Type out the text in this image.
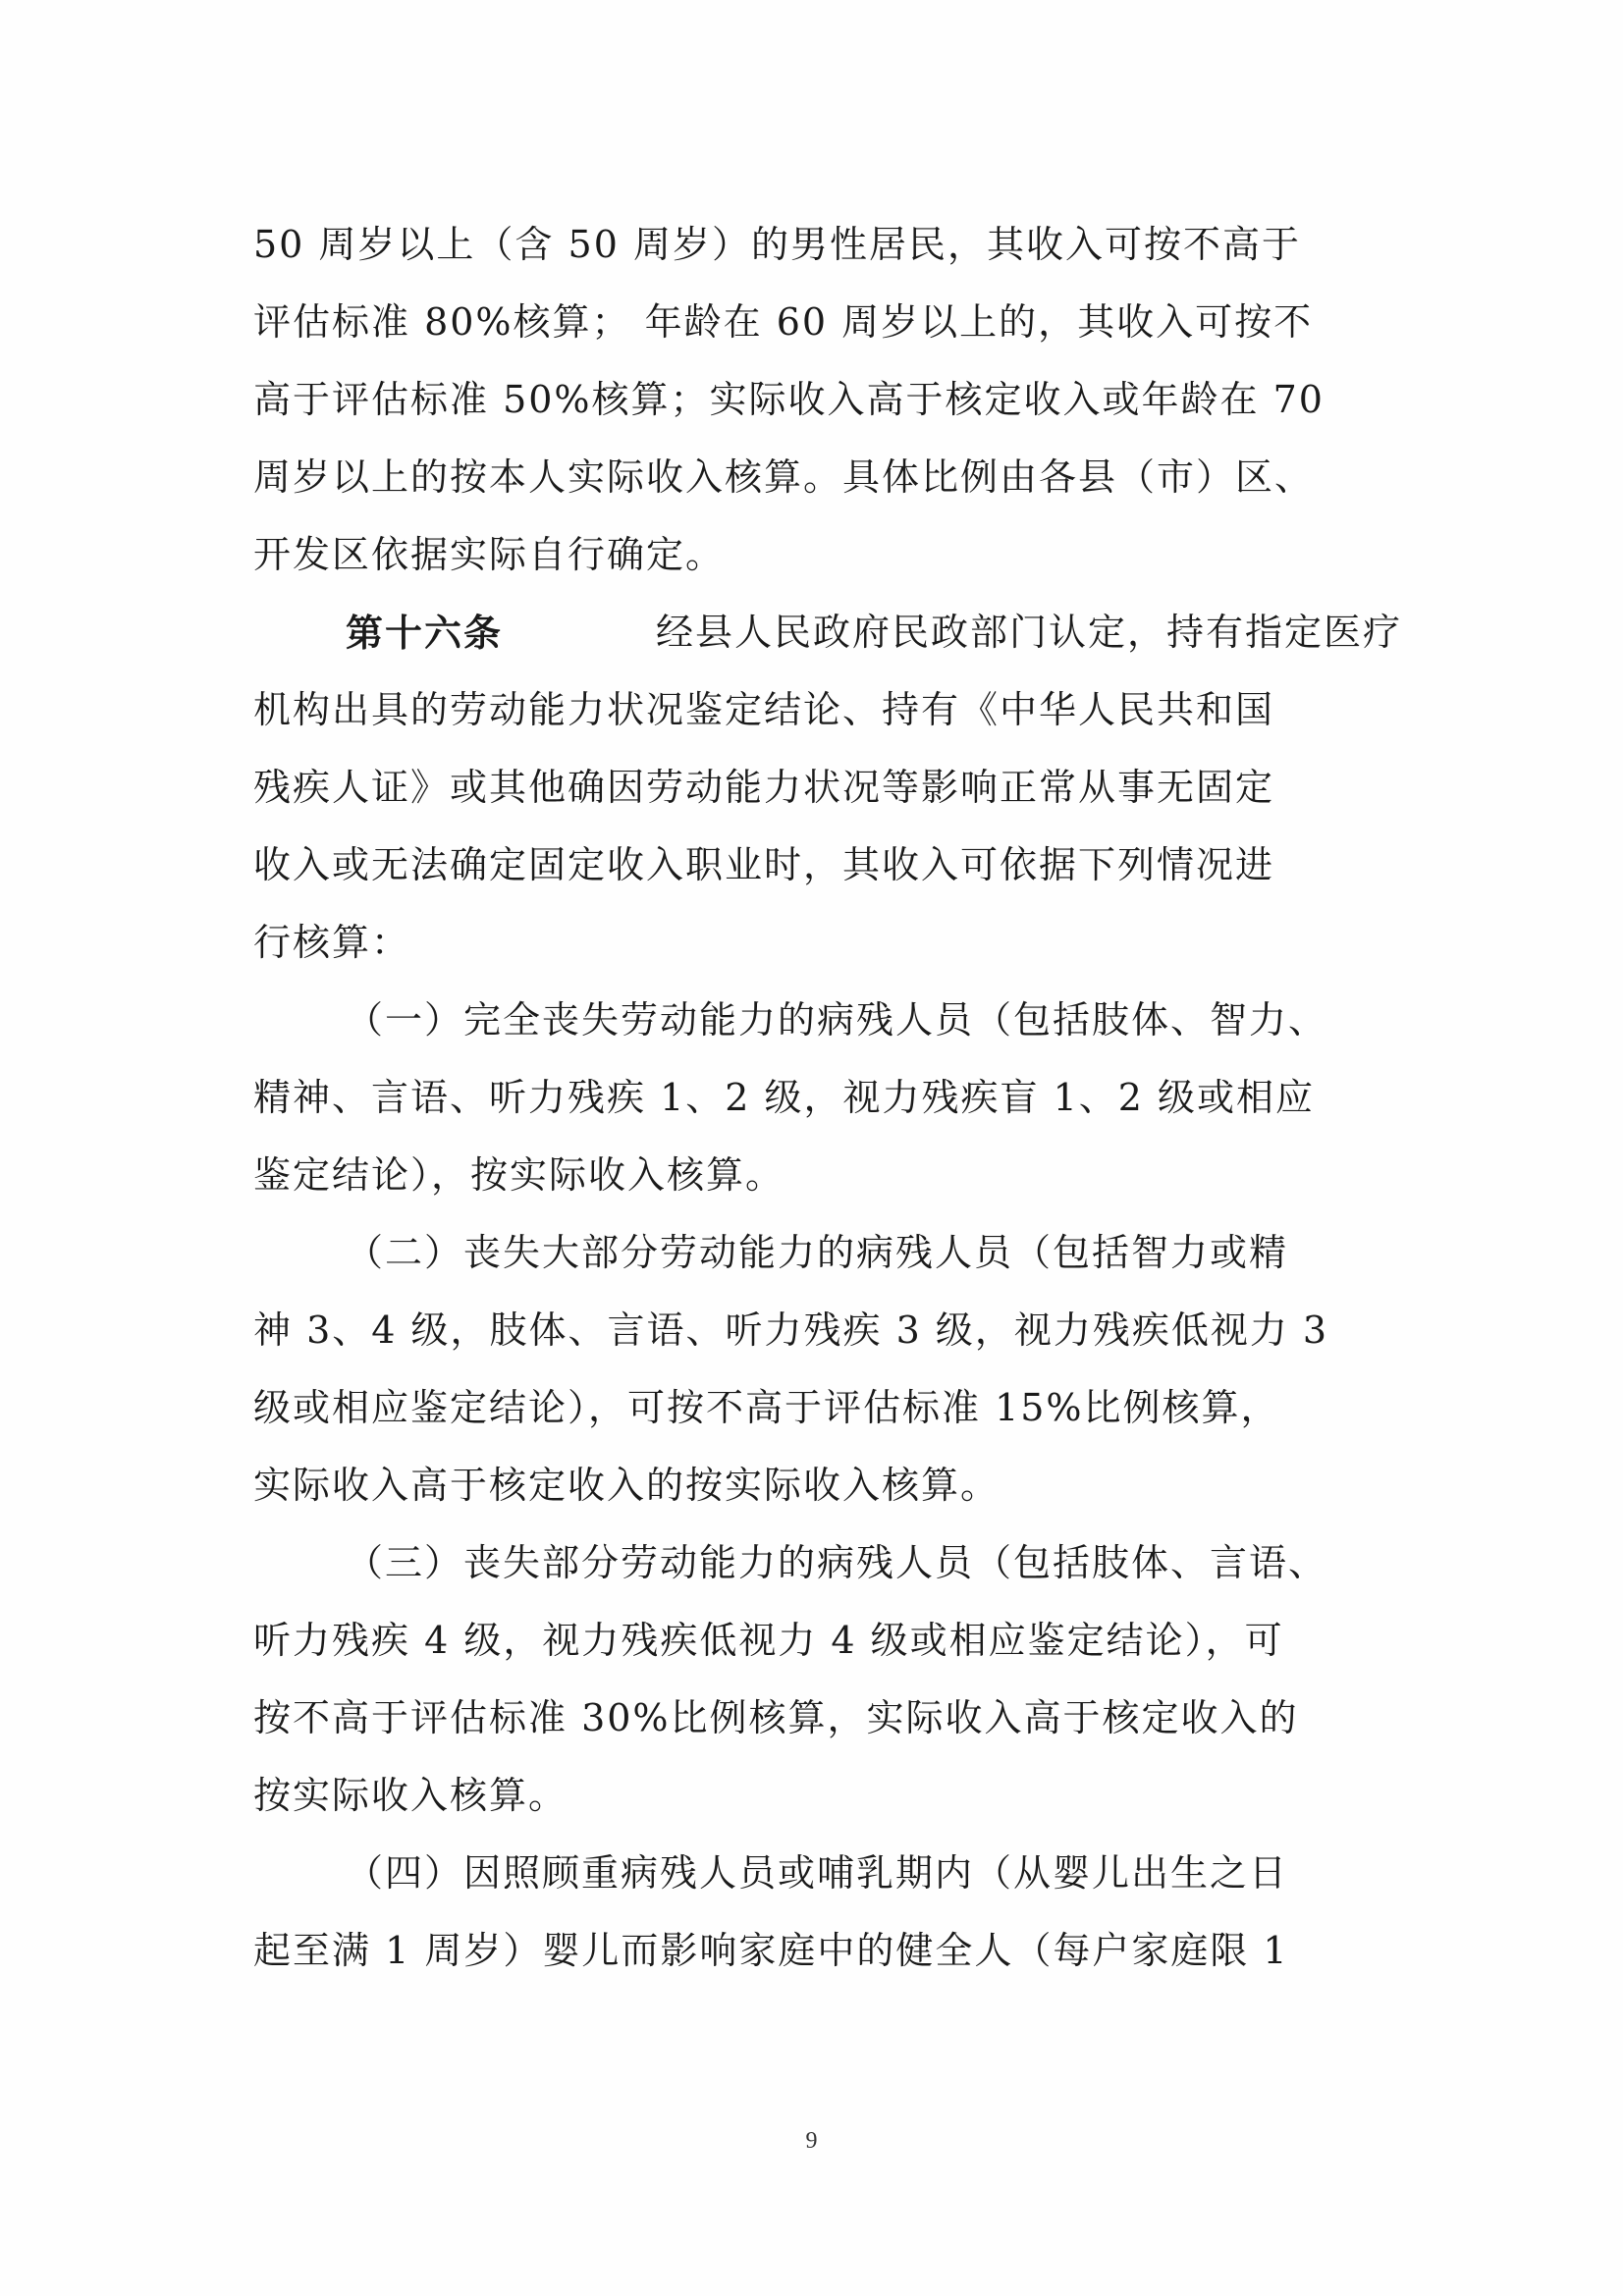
50 周岁以上（含 50 周岁）的男性居民，其收入可按不高于
评估标准 80%核算； 年龄在 60 周岁以上的，其收入可按不
高于评估标准 50%核算；实际收入高于核定收入或年龄在 70
周岁以上的按本人实际收入核算。具体比例由各县（市）区、
开发区依据实际自行确定。
第十六条	经县人民政府民政部门认定，持有指定医疗
机构出具的劳动能力状况鉴定结论、持有《中华人民共和国
残疾人证》或其他确因劳动能力状况等影响正常从事无固定
收入或无法确定固定收入职业时，其收入可依据下列情况进
行核算：
（一）完全丧失劳动能力的病残人员（包括肢体、智力、
精神、言语、听力残疾 1、2 级，视力残疾盲 1、2 级或相应
鉴定结论），按实际收入核算。
（二）丧失大部分劳动能力的病残人员（包括智力或精
神 3、4 级，肢体、言语、听力残疾 3 级，视力残疾低视力 3
级或相应鉴定结论），可按不高于评估标准 15%比例核算，
实际收入高于核定收入的按实际收入核算。
（三）丧失部分劳动能力的病残人员（包括肢体、言语、
听力残疾 4 级，视力残疾低视力 4 级或相应鉴定结论），可
按不高于评估标准 30%比例核算，实际收入高于核定收入的
按实际收入核算。
（四）因照顾重病残人员或哺乳期内（从婴儿出生之日
起至满 1 周岁）婴儿而影响家庭中的健全人（每户家庭限 1
9
